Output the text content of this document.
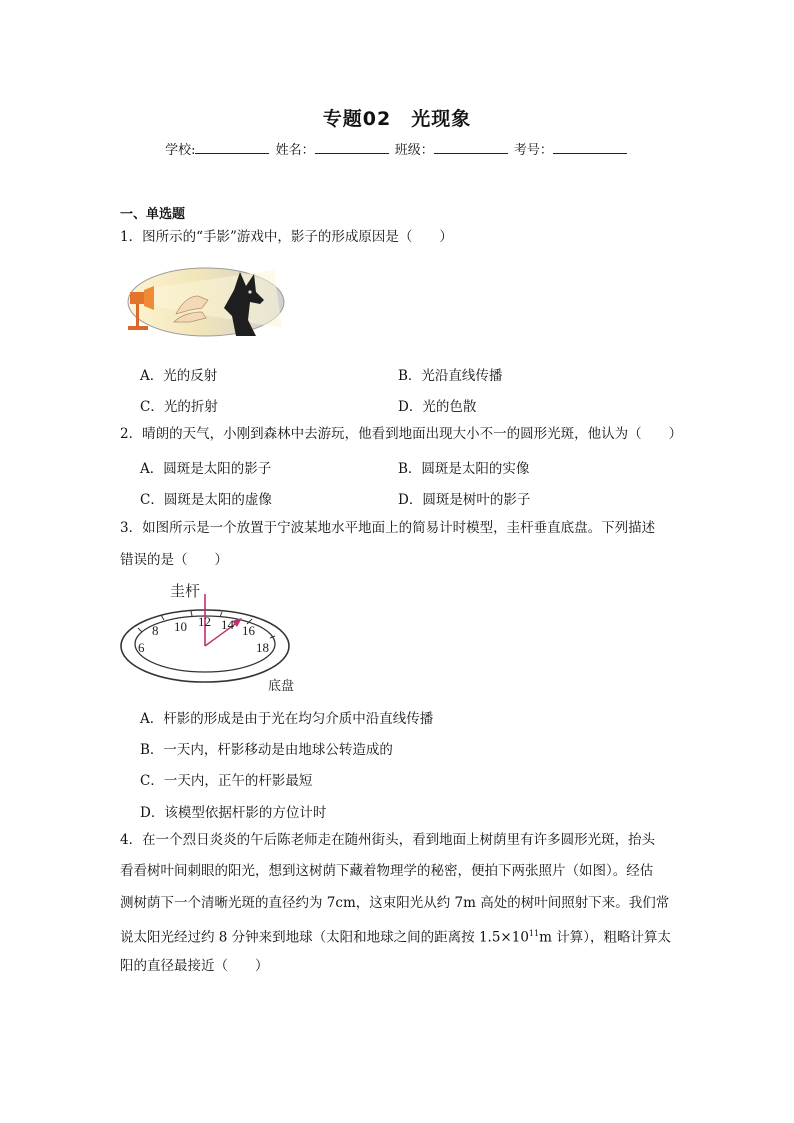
专题02　光现象
学校:	姓名：	班级：	考号：
一、单选题
1．图所示的“手影”游戏中，影子的形成原因是（　　）
A．光的反射	B．光沿直线传播
C．光的折射	D．光的色散
2．晴朗的天气，小刚到森林中去游玩，他看到地面出现大小不一的圆形光斑，他认为（　　）
A．圆斑是太阳的影子	B．圆斑是太阳的实像
C．圆斑是太阳的虚像	D．圆斑是树叶的影子
3．如图所示是一个放置于宁波某地水平地面上的简易计时模型，圭杆垂直底盘。下列描述
错误的是（　　）
圭杆
6
8 10 12 14 16
18
底盘
A．杆影的形成是由于光在均匀介质中沿直线传播
B．一天内，杆影移动是由地球公转造成的
C．一天内，正午的杆影最短
D．该模型依据杆影的方位计时
4．在一个烈日炎炎的午后陈老师走在随州街头，看到地面上树荫里有许多圆形光斑，抬头
看看树叶间刺眼的阳光，想到这树荫下藏着物理学的秘密，便拍下两张照片（如图）。经估
测树荫下一个清晰光斑的直径约为 7cm，这束阳光从约 7m 高处的树叶间照射下来。我们常
说太阳光经过约 8 分钟来到地球（太阳和地球之间的距离按 $1.5\times 10^{11}m$ 计算），粗略计算太
阳的直径最接近（　　）
